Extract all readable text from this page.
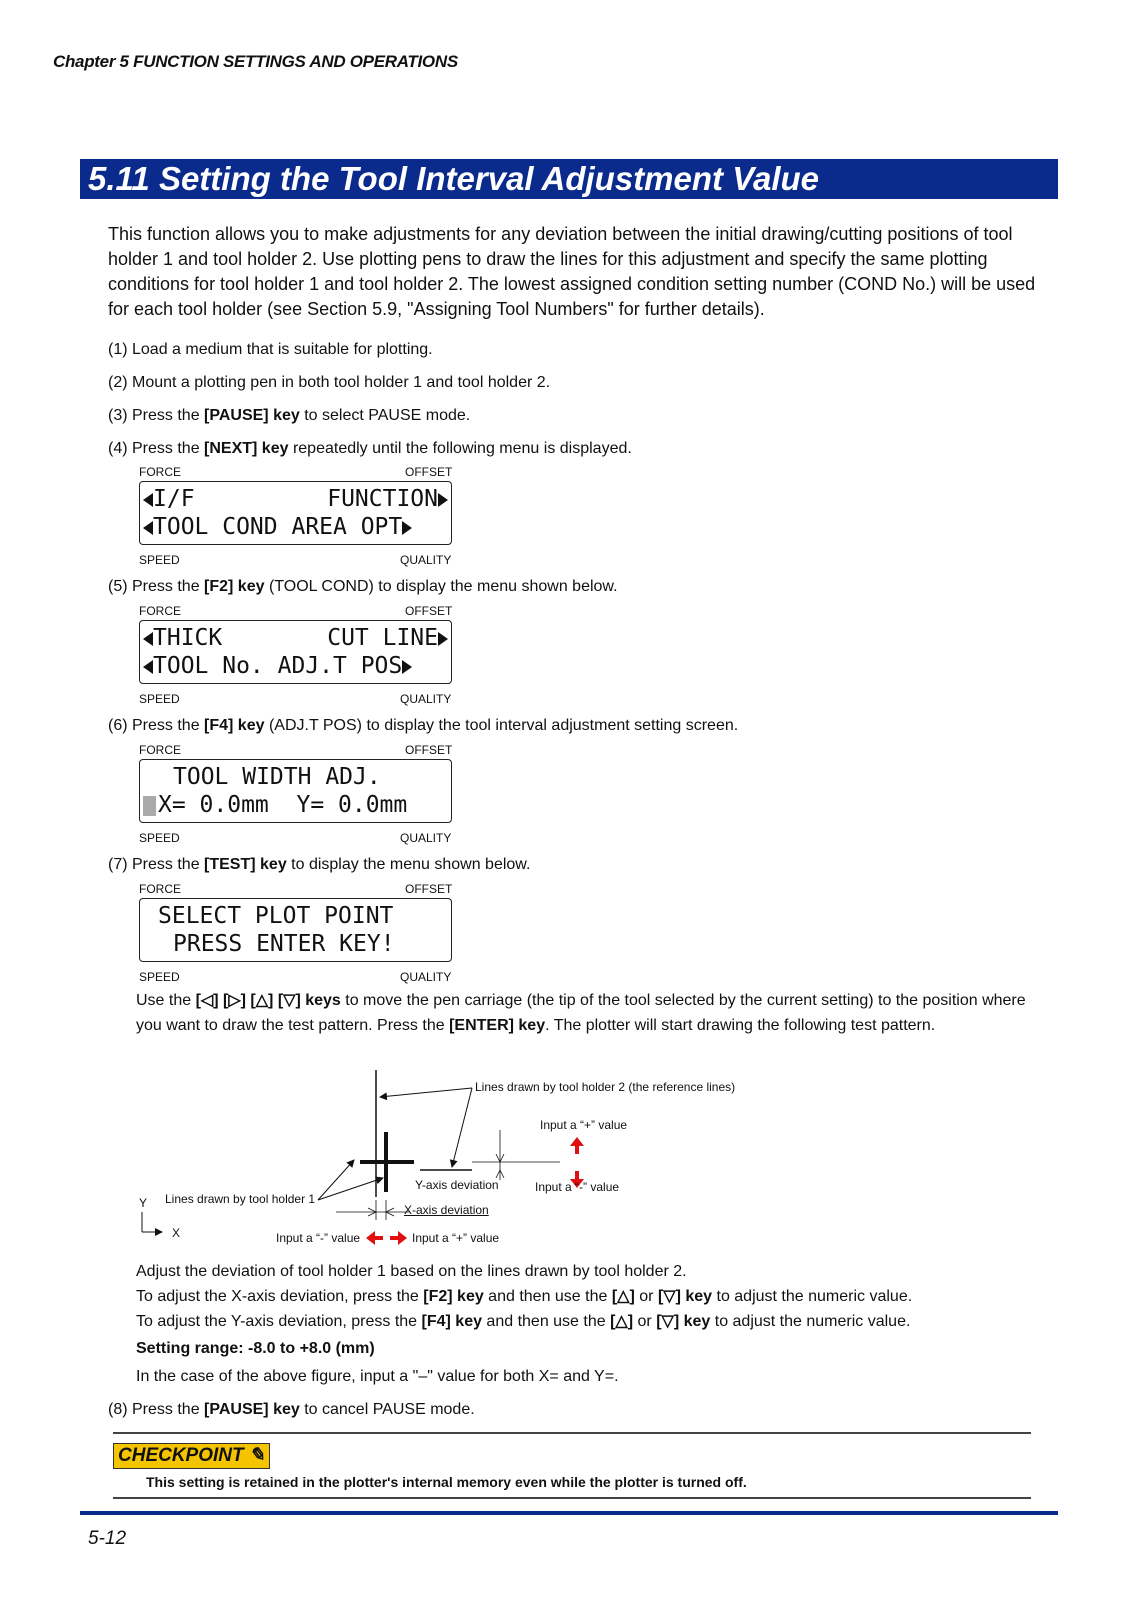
Chapter 5 FUNCTION SETTINGS AND OPERATIONS
5.11 Setting the Tool Interval Adjustment Value
This function allows you to make adjustments for any deviation between the initial drawing/cutting positions of tool holder 1 and tool holder 2. Use plotting pens to draw the lines for this adjustment and specify the same plotting conditions for tool holder 1 and tool holder 2. The lowest assigned condition setting number (COND No.) will be used for each tool holder (see Section 5.9, "Assigning Tool Numbers" for further details).
(1) Load a medium that is suitable for plotting.
(2) Mount a plotting pen in both tool holder 1 and tool holder 2.
(3) Press the [PAUSE] key to select PAUSE mode.
(4) Press the [NEXT] key repeatedly until the following menu is displayed.
FORCE	OFFSET

I/F

	FUNCTION

TOOL COND AREA OPT

SPEED	QUALITY
(5) Press the [F2] key (TOOL COND) to display the menu shown below.
FORCE	OFFSET

THICK

	CUT LINE

TOOL No. ADJ.T POS

SPEED	QUALITY
(6) Press the [F4] key (ADJ.T POS) to display the tool interval adjustment setting screen.
FORCE	OFFSET

TOOL WIDTH ADJ.

X= 0.0mm  Y= 0.0mm

SPEED	QUALITY
(7) Press the [TEST] key to display the menu shown below.
FORCE	OFFSET

SELECT PLOT POINT

PRESS ENTER KEY!

SPEED	QUALITY
Use the [◁] [▷] [△] [▽] keys to move the pen carriage (the tip of the tool selected by the current setting) to the position where you want to draw the test pattern. Press the [ENTER] key. The plotter will start drawing the following test pattern.
Lines drawn by tool holder 2 (the reference lines)
Input a “+” value
Input a “-” value
Y-axis deviation
X-axis deviation
Lines drawn by tool holder 1
Input a “-” value	Input a “+” value
Y
X
Adjust the deviation of tool holder 1 based on the lines drawn by tool holder 2.
To adjust the X-axis deviation, press the [F2] key and then use the [△] or [▽] key to adjust the numeric value.
To adjust the Y-axis deviation, press the [F4] key and then use the [△] or [▽] key to adjust the numeric value.
Setting range: -8.0 to +8.0 (mm)
In the case of the above figure, input a "–" value for both X= and Y=.
(8) Press the [PAUSE] key to cancel PAUSE mode.
CHECKPOINT ✎
This setting is retained in the plotter's internal memory even while the plotter is turned off.
5-12
